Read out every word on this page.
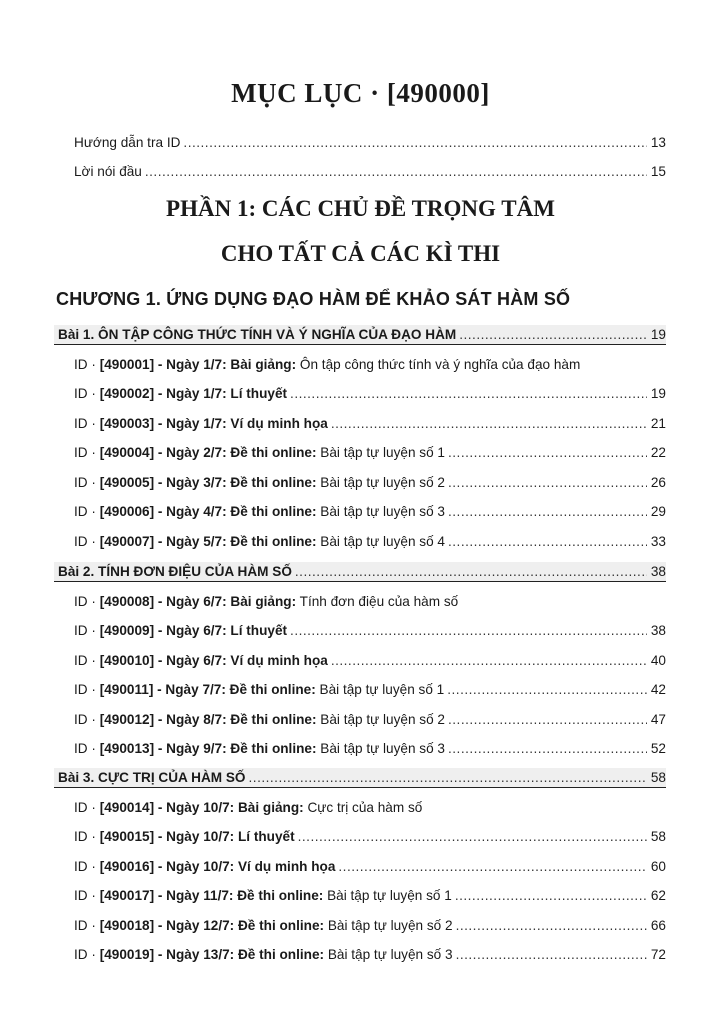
MỤC LỤC · [490000]
Hướng dẫn tra ID .....	13
Lời nói đầu .....	15
PHẦN 1: CÁC CHỦ ĐỀ TRỌNG TÂM
CHO TẤT CẢ CÁC KÌ THI
CHƯƠNG 1. ỨNG DỤNG ĐẠO HÀM ĐỂ KHẢO SÁT HÀM SỐ
Bài 1. ÔN TẬP CÔNG THỨC TÍNH VÀ Ý NGHĨA CỦA ĐẠO HÀM .....	19
ID · [490001] - Ngày 1/7: Bài giảng: Ôn tập công thức tính và ý nghĩa của đạo hàm
ID · [490002] - Ngày 1/7: Lí thuyết .....	19
ID · [490003] - Ngày 1/7: Ví dụ minh họa .....	21
ID · [490004] - Ngày 2/7: Đề thi online: Bài tập tự luyện số 1 .....	22
ID · [490005] - Ngày 3/7: Đề thi online: Bài tập tự luyện số 2 .....	26
ID · [490006] - Ngày 4/7: Đề thi online: Bài tập tự luyện số 3 .....	29
ID · [490007] - Ngày 5/7: Đề thi online: Bài tập tự luyện số 4 .....	33
Bài 2. TÍNH ĐƠN ĐIỆU CỦA HÀM SỐ .....	38
ID · [490008] - Ngày 6/7: Bài giảng: Tính đơn điệu của hàm số
ID · [490009] - Ngày 6/7: Lí thuyết .....	38
ID · [490010] - Ngày 6/7: Ví dụ minh họa .....	40
ID · [490011] - Ngày 7/7: Đề thi online: Bài tập tự luyện số 1 .....	42
ID · [490012] - Ngày 8/7: Đề thi online: Bài tập tự luyện số 2 .....	47
ID · [490013] - Ngày 9/7: Đề thi online: Bài tập tự luyện số 3 .....	52
Bài 3. CỰC TRỊ CỦA HÀM SỐ .....	58
ID · [490014] - Ngày 10/7: Bài giảng: Cực trị của hàm số
ID · [490015] - Ngày 10/7: Lí thuyết .....	58
ID · [490016] - Ngày 10/7: Ví dụ minh họa .....	60
ID · [490017] - Ngày 11/7: Đề thi online: Bài tập tự luyện số 1 .....	62
ID · [490018] - Ngày 12/7: Đề thi online: Bài tập tự luyện số 2 .....	66
ID · [490019] - Ngày 13/7: Đề thi online: Bài tập tự luyện số 3 .....	72
